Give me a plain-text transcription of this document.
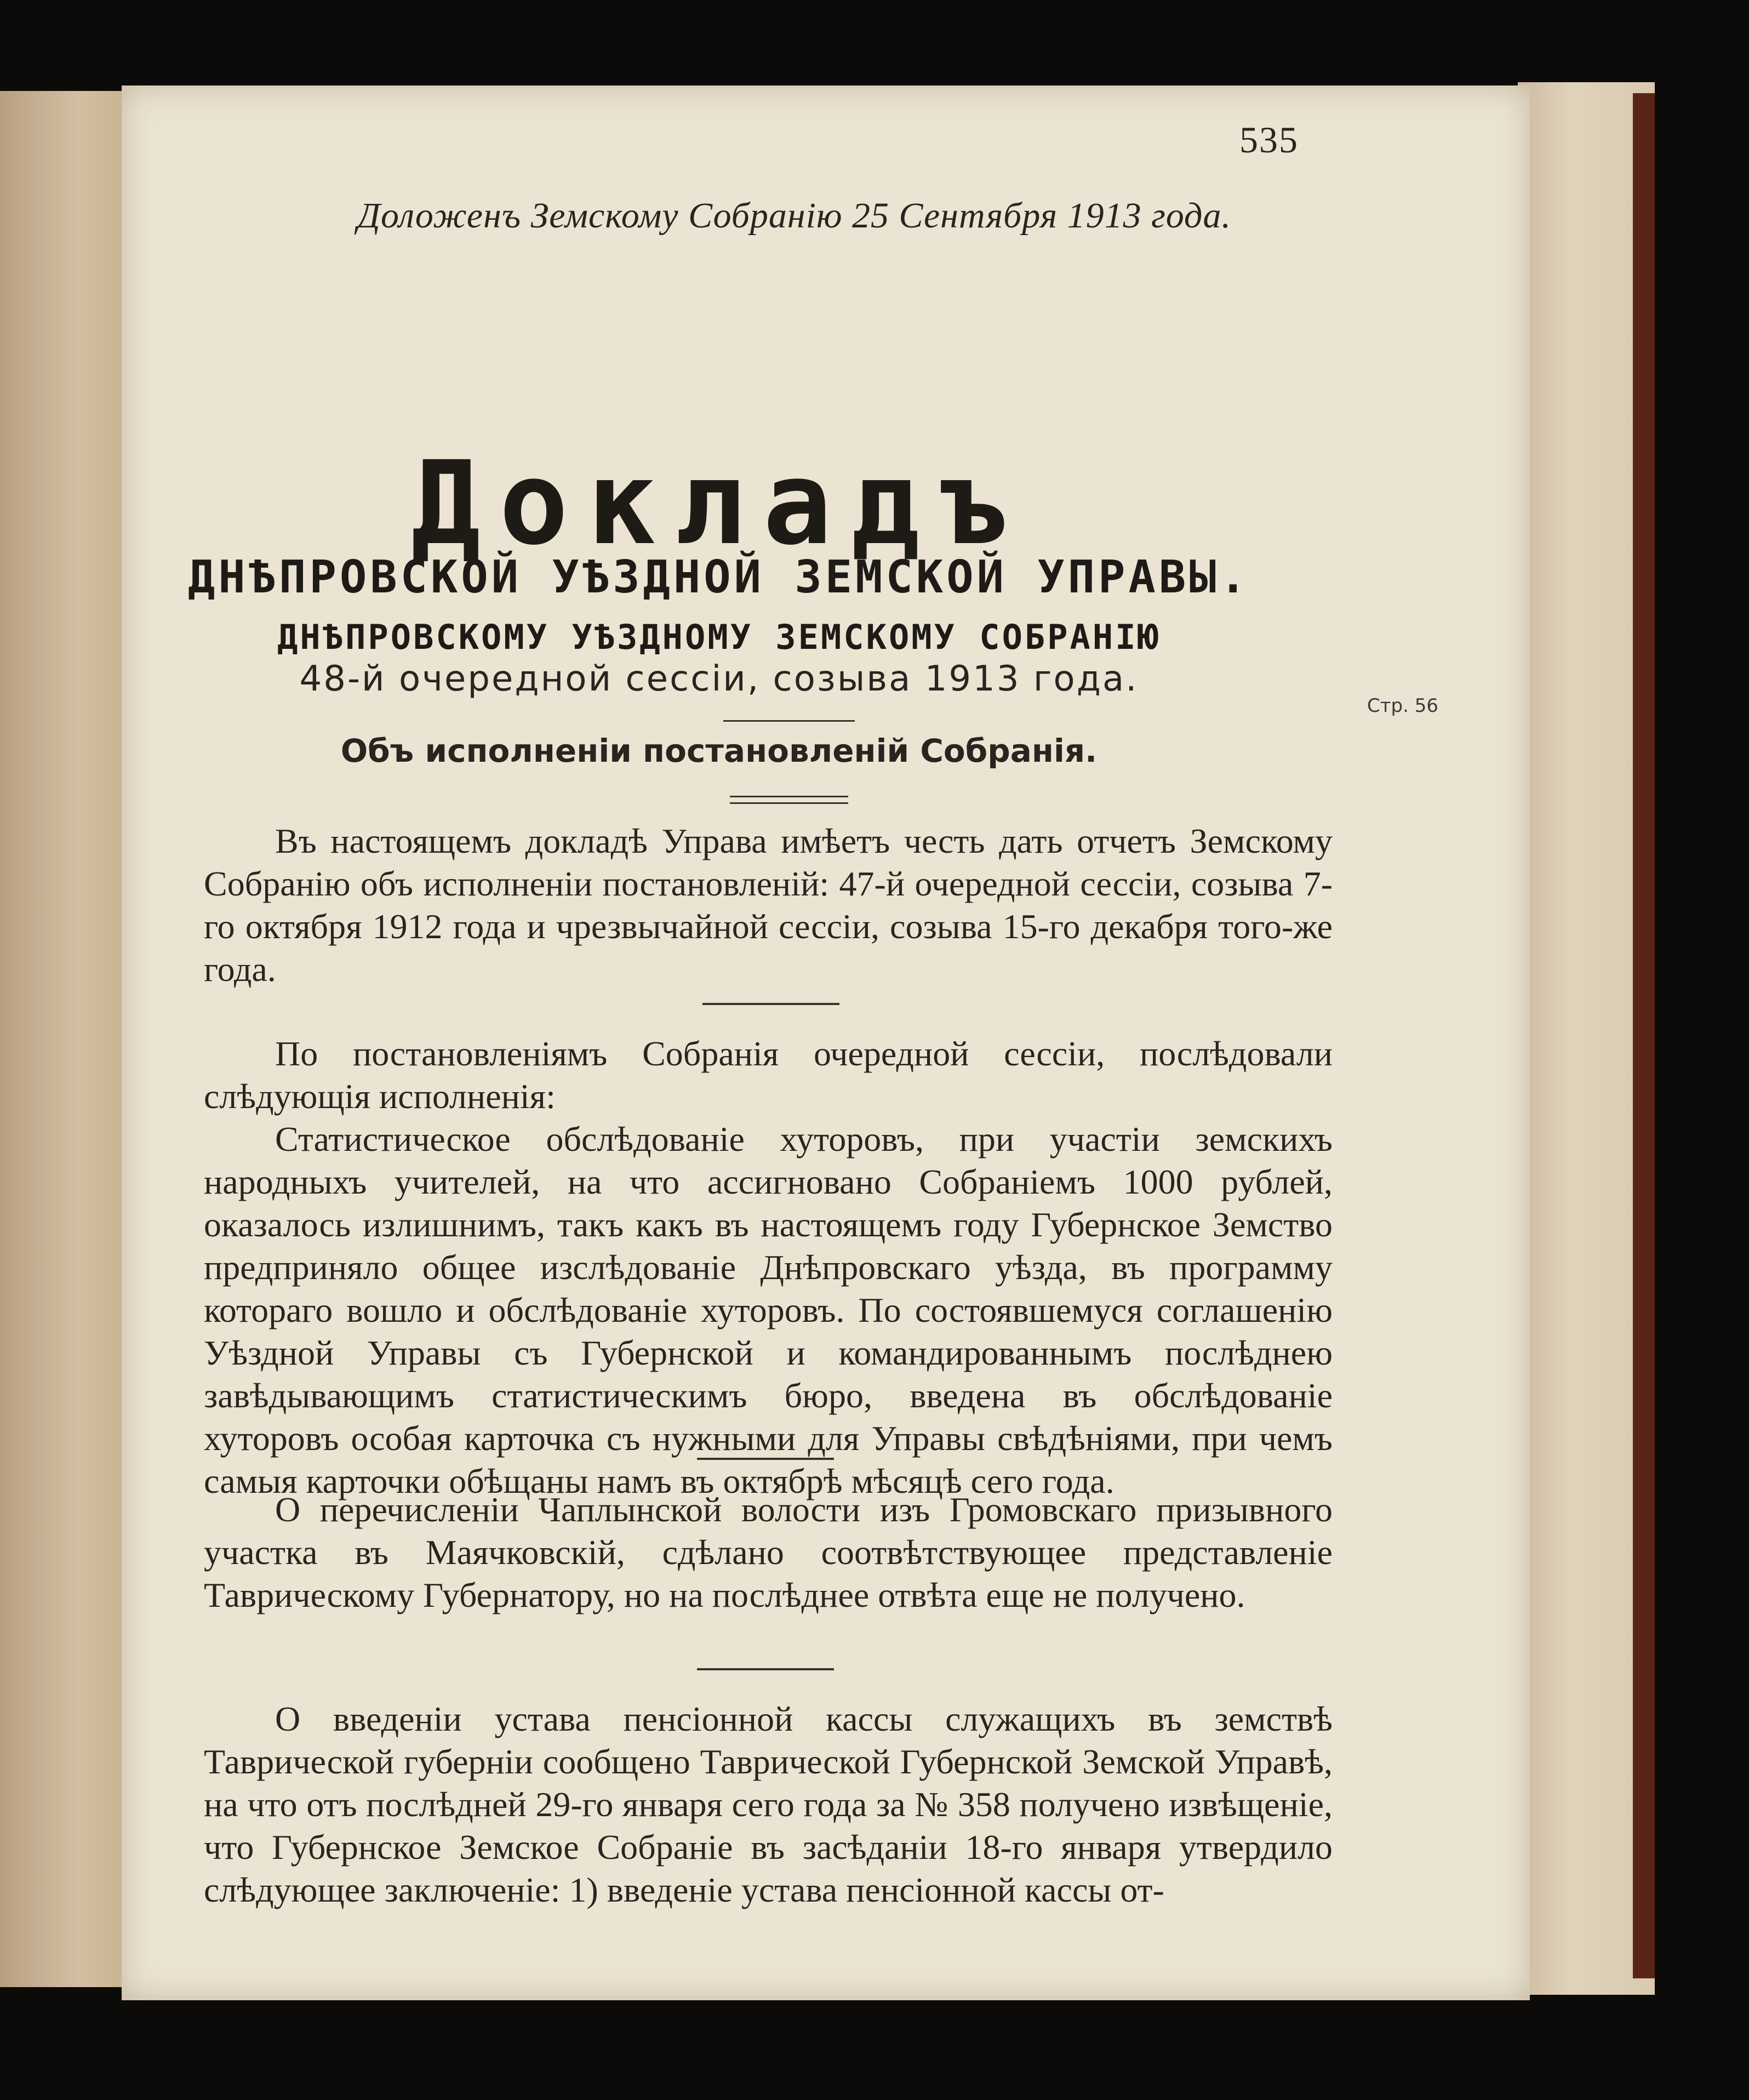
535
Доложенъ Земскому Собранію 25 Сентября 1913 года.
Докладъ
ДНѢПРОВСКОЙ УѢЗДНОЙ ЗЕМСКОЙ УПРАВЫ.
ДНѢПРОВСКОМУ УѢЗДНОМУ ЗЕМСКОМУ СОБРАНІЮ
48-й очередной сессіи, созыва 1913 года.
Объ исполненіи постановленій Собранія.

Въ настоящемъ докладѣ Управа имѣетъ честь дать отчетъ Земскому Собранію объ исполненіи постановленій: 47-й очередной сессіи, созыва 7-го октября 1912 года и чрезвычайной сессіи, созыва 15-го декабря того-же года.

По постановленіямъ Собранія очередной сессіи, послѣдовали слѣдующія исполненія:

Статистическое обслѣдованіе хуторовъ, при участіи земскихъ народныхъ учителей, на что ассигновано Собраніемъ 1000 рублей, оказалось излишнимъ, такъ какъ въ настоящемъ году Губернское Земство предприняло общее изслѣдованіе Днѣпровскаго уѣзда, въ программу котораго вошло и обслѣдованіе хуторовъ. По состоявшемуся соглашенію Уѣздной Управы съ Губернской и командированнымъ послѣднею завѣдывающимъ статистическимъ бюро, введена въ обслѣдованіе хуторовъ особая карточка съ нужными для Управы свѣдѣніями, при чемъ самыя карточки обѣщаны намъ въ октябрѣ мѣсяцѣ сего года.

О перечисленіи Чаплынской волости изъ Громовскаго призывного участка въ Маячковскій, сдѣлано соотвѣтствующее представленіе Таврическому Губернатору, но на послѣднее отвѣта еще не получено.

О введеніи устава пенсіонной кассы служащихъ въ земствѣ Таврической губерніи сообщено Таврической Губернской Земской Управѣ, на что отъ послѣдней 29-го января сего года за № 358 получено извѣщеніе, что Губернское Земское Собраніе въ засѣданіи 18-го января утвердило слѣдующее заключеніе: 1) введеніе устава пенсіонной кассы от-

Стр. 56
